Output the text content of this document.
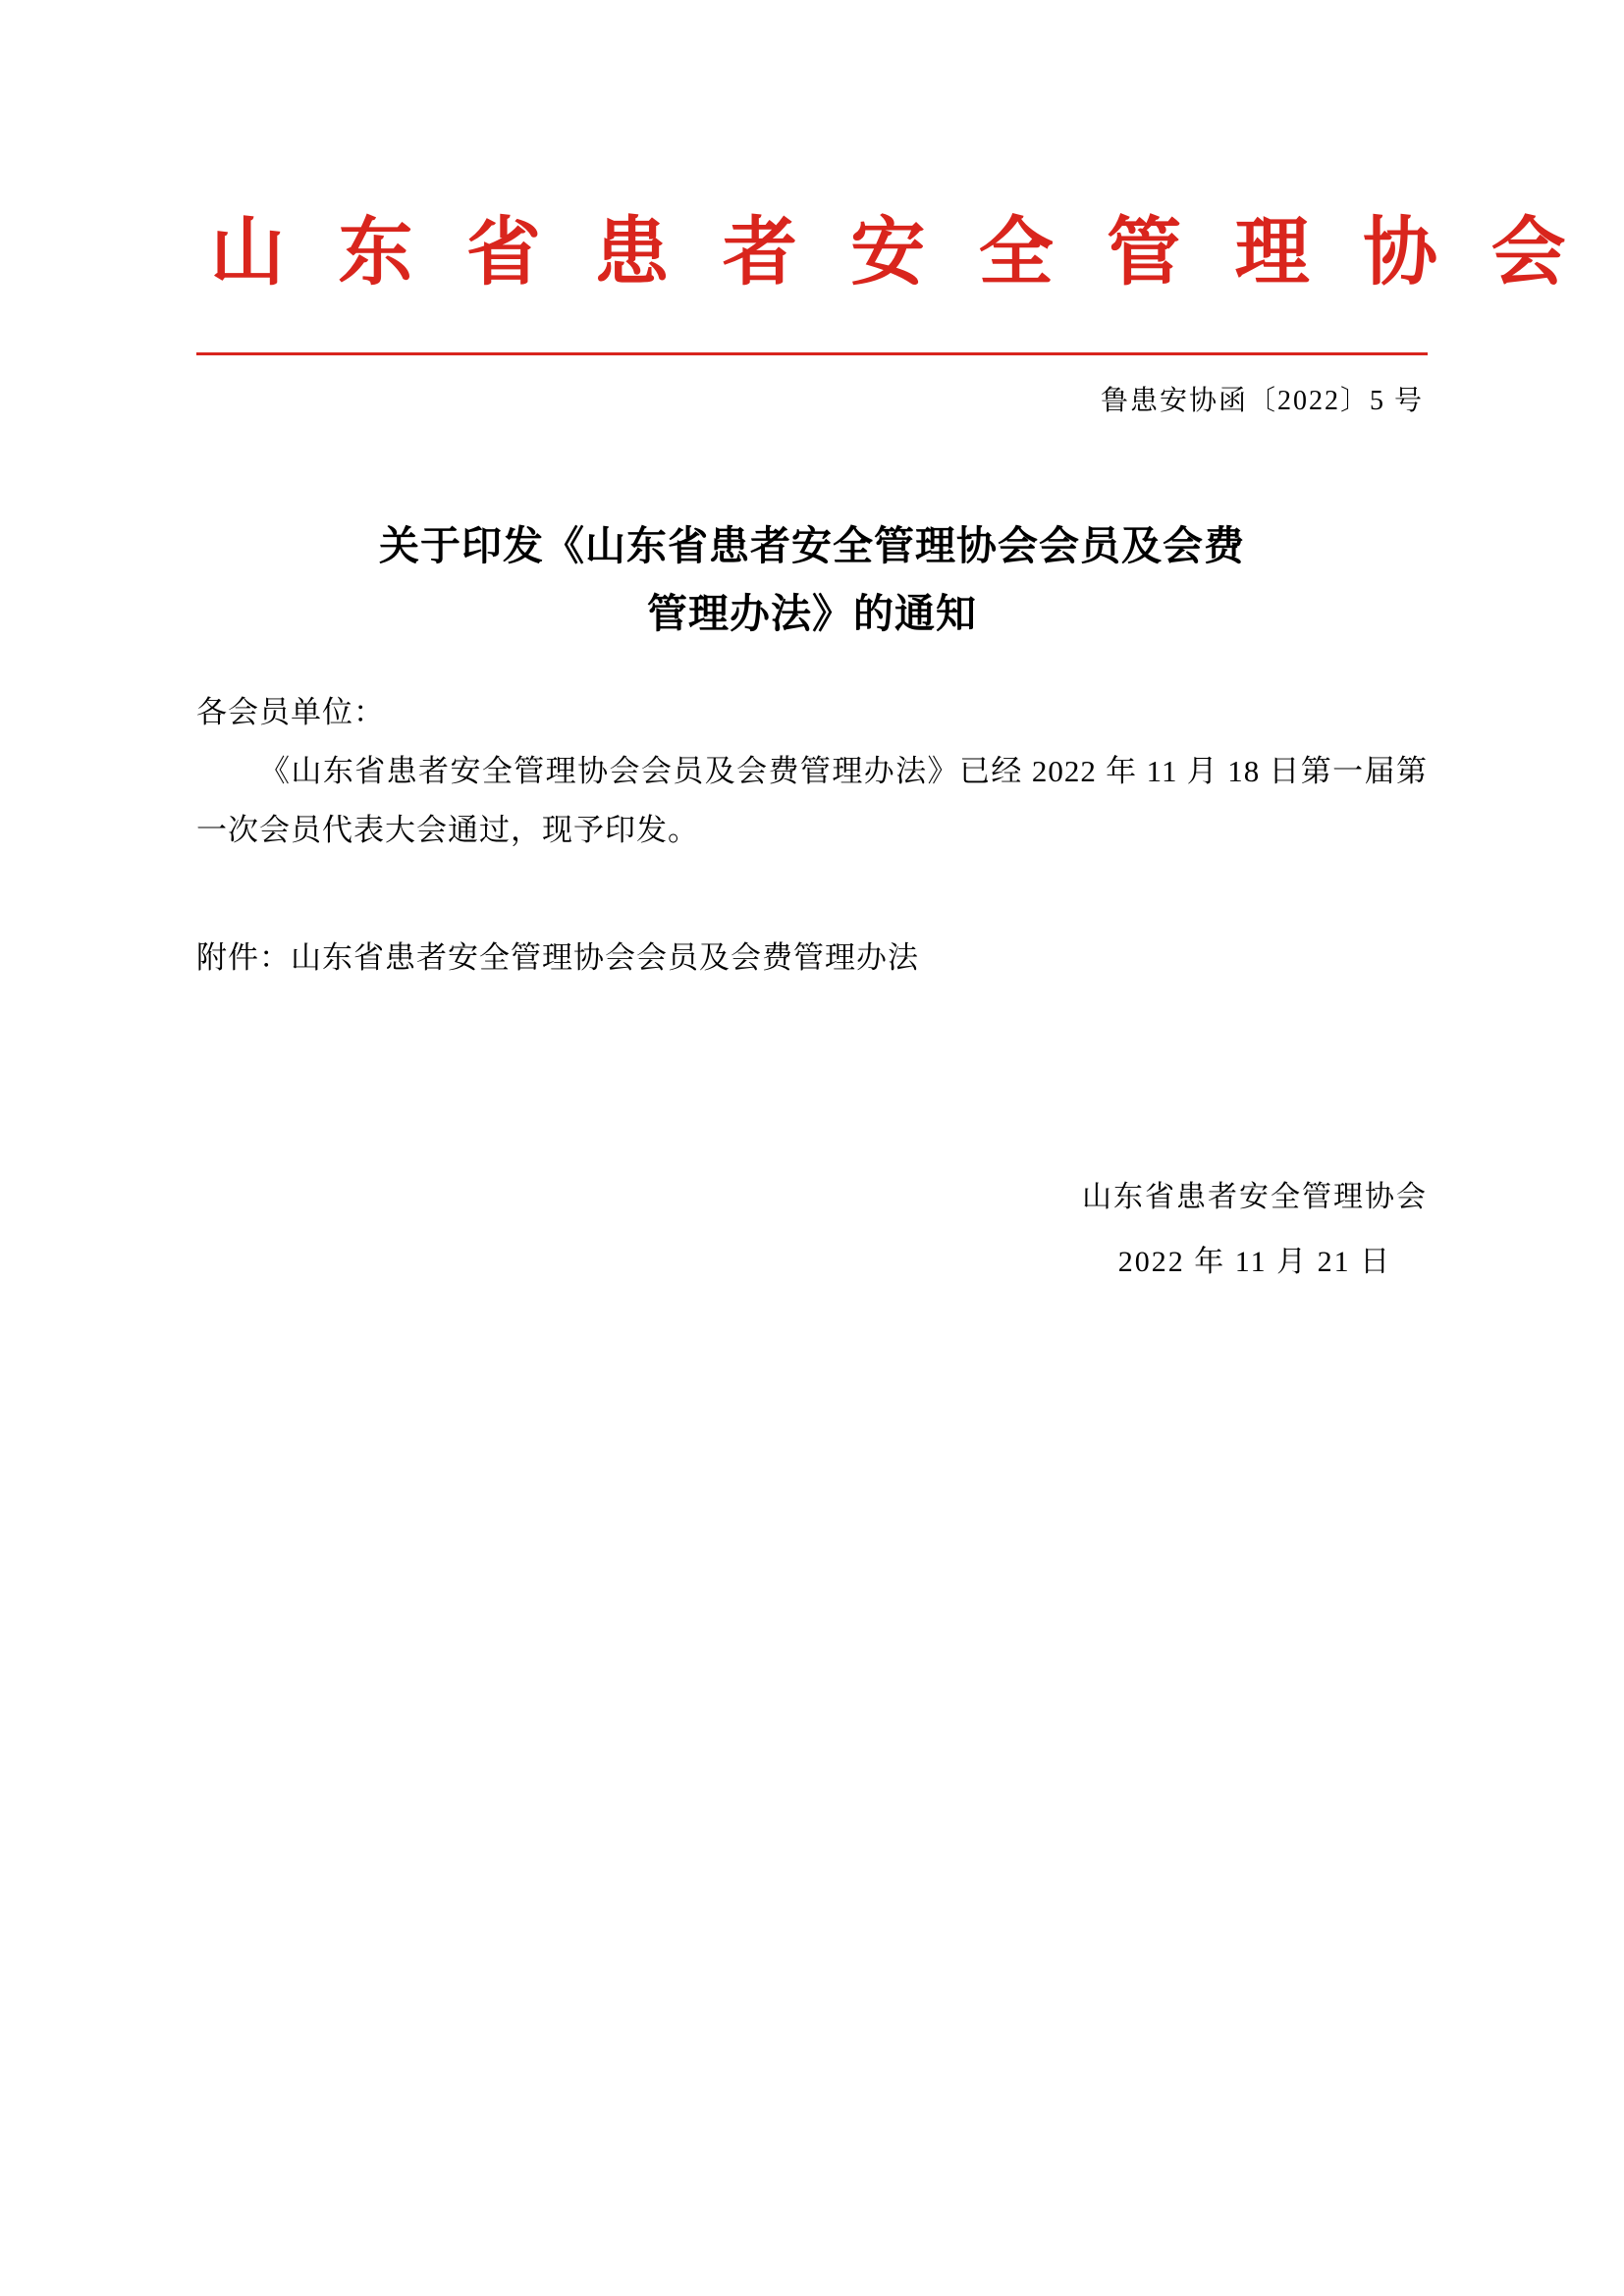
山 东 省 患 者 安 全 管 理 协 会
鲁患安协函〔2022〕5 号
关于印发《山东省患者安全管理协会会员及会费
管理办法》的通知
各会员单位：
《山东省患者安全管理协会会员及会费管理办法》已经 2022 年 11 月 18 日第一届第一次会员代表大会通过，现予印发。
附件：山东省患者安全管理协会会员及会费管理办法
山东省患者安全管理协会
2022 年 11 月 21 日
